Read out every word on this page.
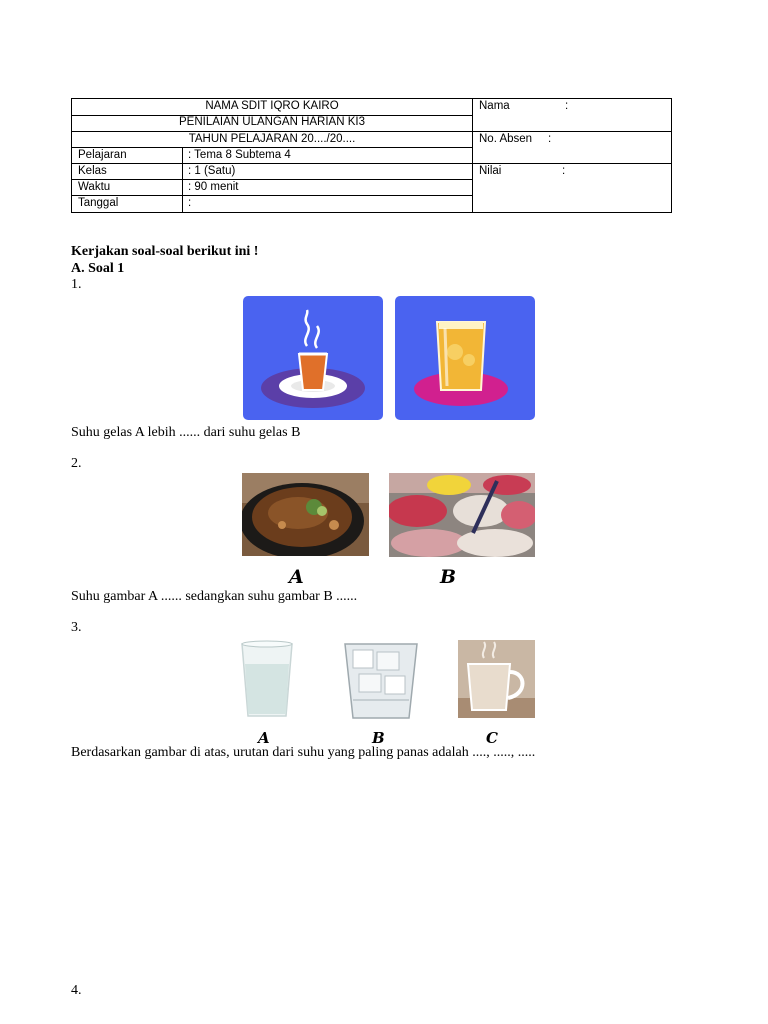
NAMA SDIT IQRO KAIRO
PENILAIAN ULANGAN HARIAN KI3
TAHUN PELAJARAN 20..../20....
Pelajaran	: Tema 8 Subtema 4
Kelas	: 1 (Satu)
Waktu	: 90 menit
Tanggal	:
Nama	:
No. Absen :
Nilai	:
Kerjakan soal-soal berikut ini !
A. Soal 1
1.
Suhu gelas A lebih ...... dari suhu gelas B
2.
A	B
Suhu gambar A ...... sedangkan suhu gambar B ......
3.
A	B	C
Berdasarkan gambar di atas, urutan dari suhu yang paling panas adalah ...., ....., .....
4.
